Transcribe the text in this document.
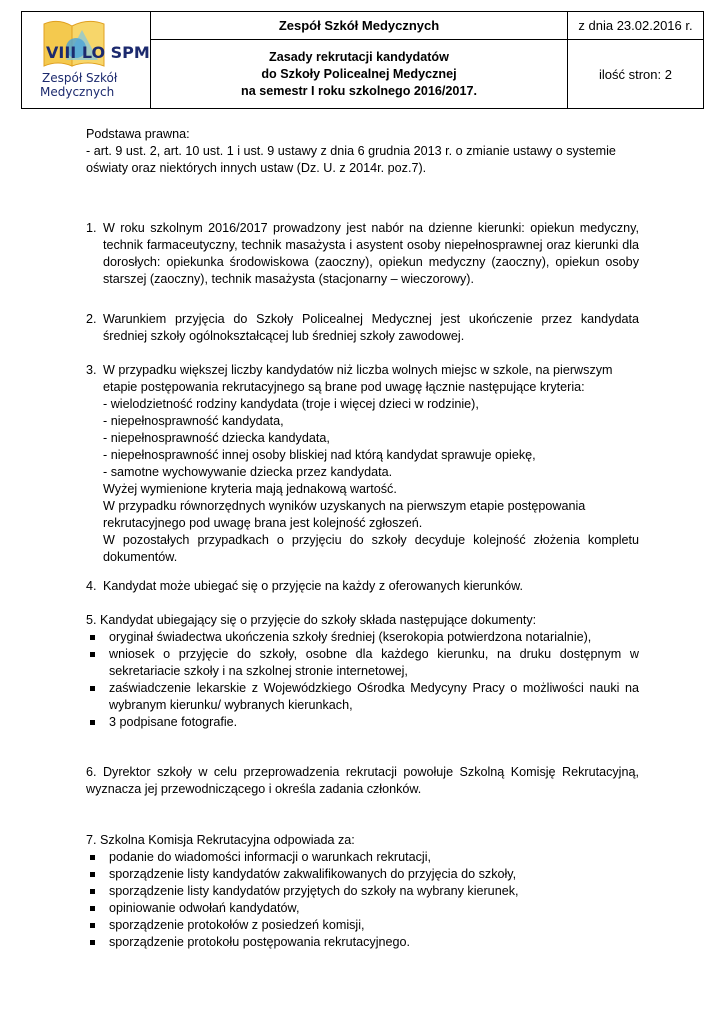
VIII LO SPM
Zespół Szkół
Medycznych	Zespół Szkół Medycznych	z dnia 23.02.2016 r.

	Zasady rekrutacji kandydatów
do Szkoły Policealnej Medycznej
na semestr I roku szkolnego 2016/2017.	ilość stron: 2

Podstawa prawna:

- art. 9 ust. 2, art. 10 ust. 1 i ust. 9 ustawy z dnia 6 grudnia 2013 r. o zmianie ustawy o systemie oświaty oraz niektórych innych ustaw (Dz. U. z 2014r. poz.7).

1. W roku szkolnym 2016/2017 prowadzony jest nabór na dzienne kierunki: opiekun medyczny, technik farmaceutyczny, technik masażysta i asystent osoby niepełnosprawnej oraz kierunki dla dorosłych: opiekunka środowiskowa (zaoczny), opiekun medyczny (zaoczny), opiekun osoby starszej (zaoczny), technik masażysta (stacjonarny – wieczorowy).
2. Warunkiem przyjęcia do Szkoły Policealnej Medycznej jest ukończenie przez kandydata średniej szkoły ogólnokształcącej lub średniej szkoły zawodowej.
3. W przypadku większej liczby kandydatów niż liczba wolnych miejsc w szkole, na pierwszym etapie postępowania rekrutacyjnego są brane pod uwagę łącznie następujące kryteria:
- wielodzietność rodziny kandydata (troje i więcej dzieci w rodzinie),
- niepełnosprawność kandydata,
- niepełnosprawność dziecka kandydata,
- niepełnosprawność innej osoby bliskiej nad którą kandydat sprawuje opiekę,
- samotne wychowywanie dziecka przez kandydata.
Wyżej wymienione kryteria mają jednakową wartość.
W przypadku równorzędnych wyników uzyskanych na pierwszym etapie postępowania rekrutacyjnego pod uwagę brana jest kolejność zgłoszeń.
W pozostałych przypadkach o przyjęciu do szkoły decyduje kolejność złożenia kompletu dokumentów.
4. Kandydat może ubiegać się o przyjęcie na każdy z oferowanych kierunków.
5. Kandydat ubiegający się o przyjęcie do szkoły składa następujące dokumenty:
oryginał świadectwa ukończenia szkoły średniej (kserokopia potwierdzona notarialnie),
wniosek o przyjęcie do szkoły, osobne dla każdego kierunku, na druku dostępnym w sekretariacie szkoły i na szkolnej stronie internetowej,
zaświadczenie lekarskie z Wojewódzkiego Ośrodka Medycyny Pracy o możliwości nauki na wybranym kierunku/ wybranych kierunkach,
3 podpisane fotografie.
6. Dyrektor szkoły w celu przeprowadzenia rekrutacji powołuje Szkolną Komisję Rekrutacyjną, wyznacza jej przewodniczącego i określa zadania członków.
7. Szkolna Komisja Rekrutacyjna odpowiada za:
podanie do wiadomości informacji o warunkach rekrutacji,
sporządzenie listy kandydatów zakwalifikowanych do przyjęcia do szkoły,
sporządzenie listy kandydatów przyjętych do szkoły na wybrany kierunek,
opiniowanie odwołań kandydatów,
sporządzenie protokołów z posiedzeń komisji,
sporządzenie protokołu postępowania rekrutacyjnego.
